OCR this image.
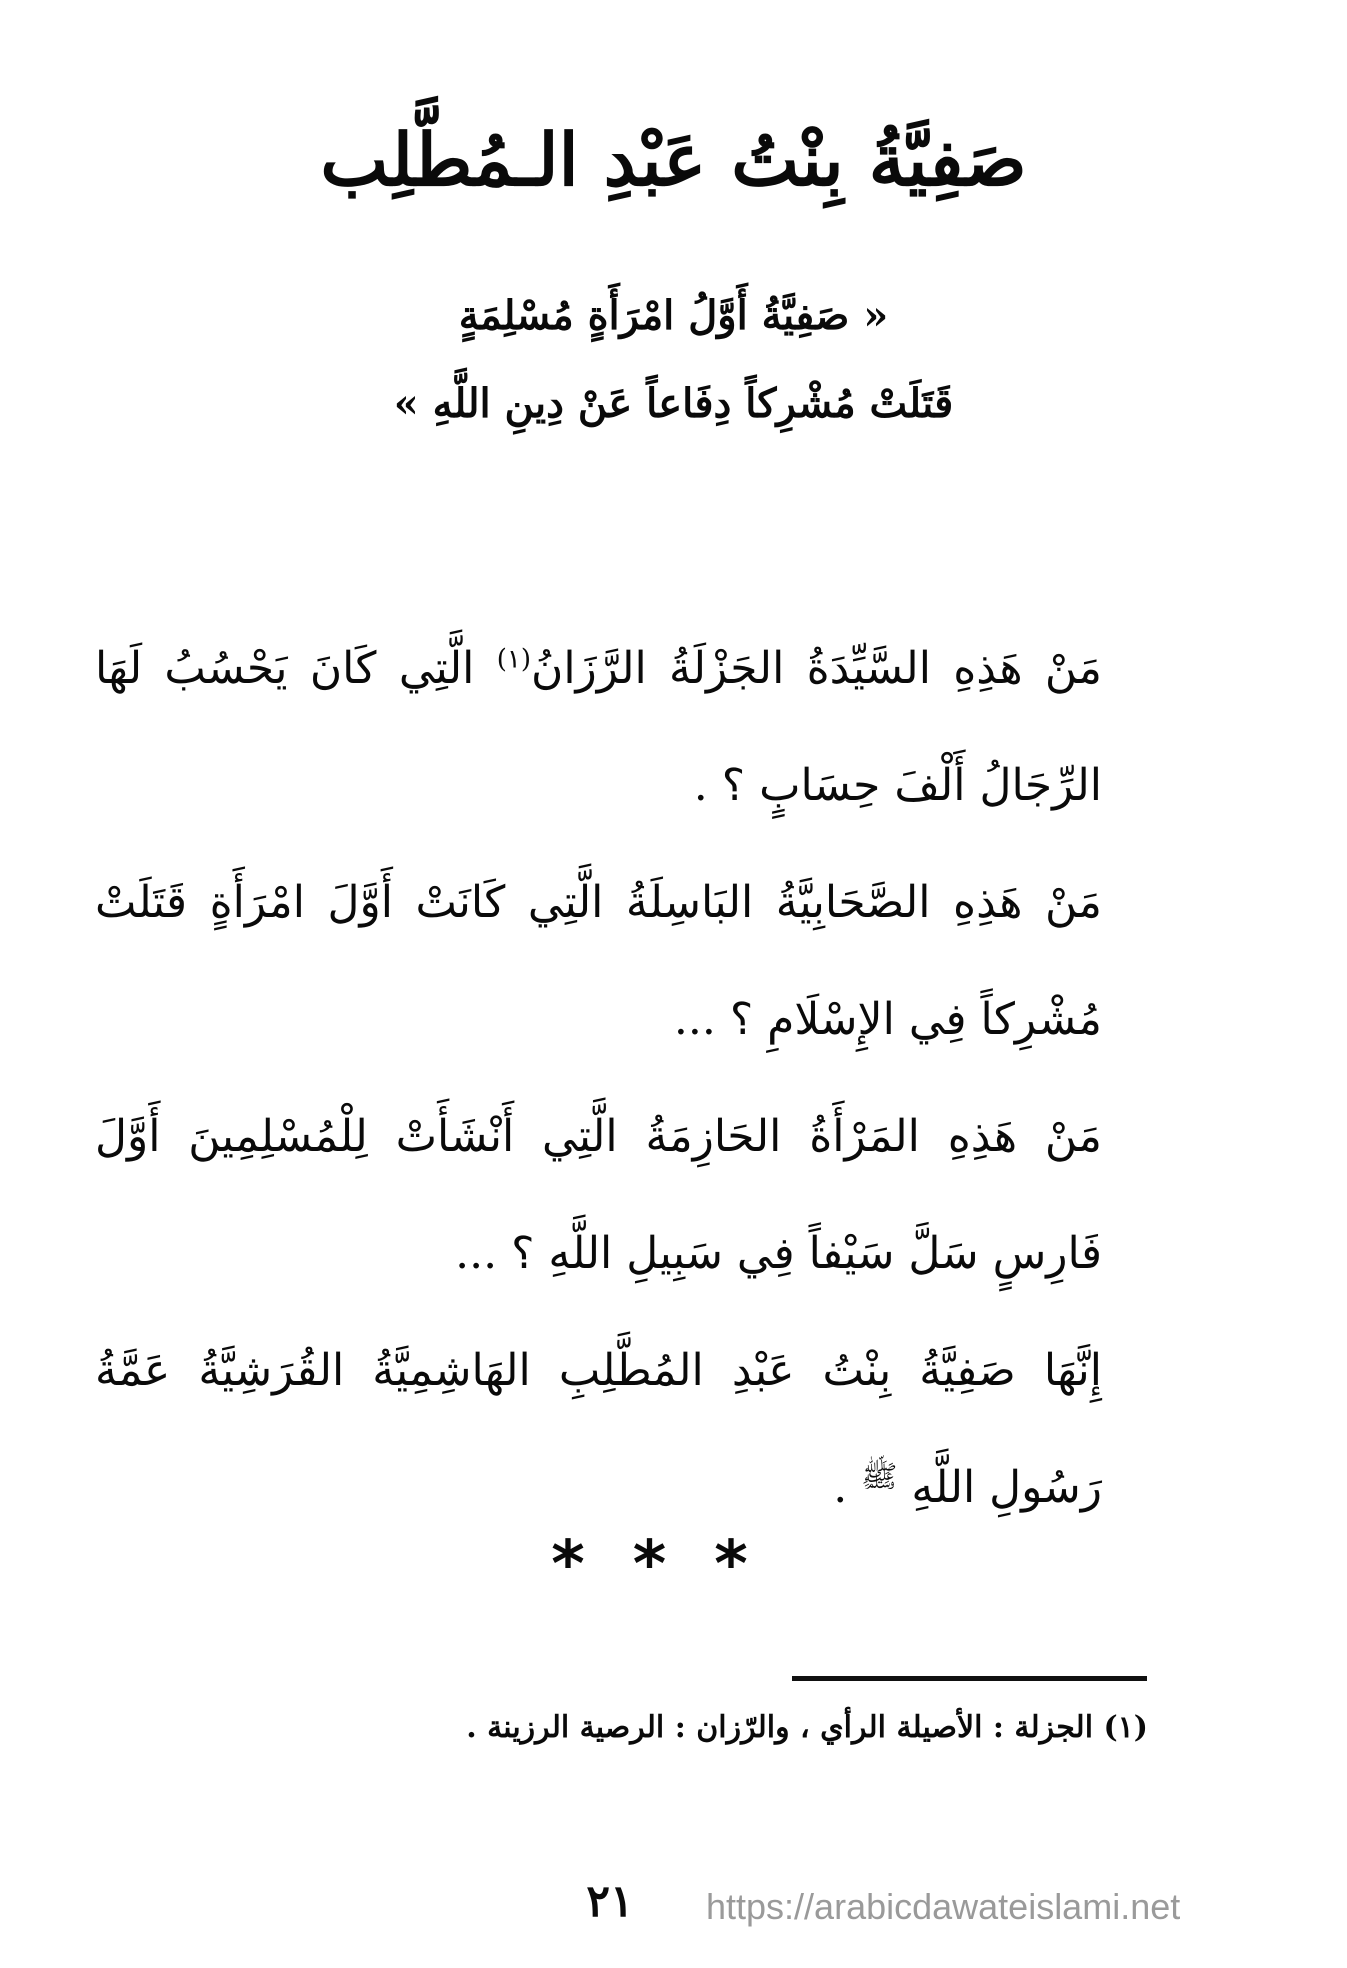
صَفِيَّةُ بِنْتُ عَبْدِ الـمُطَّلِب
« صَفِيَّةُ أَوَّلُ امْرَأَةٍ مُسْلِمَةٍ
قَتَلَتْ مُشْرِكاً دِفَاعاً عَنْ دِينِ اللَّهِ »

مَنْ هَذِهِ السَّيِّدَةُ الجَزْلَةُ الرَّزَانُ$^{(١)}$ الَّتِي كَانَ يَحْسُبُ لَهَا الرِّجَالُ أَلْفَ حِسَابٍ ؟ .

مَنْ هَذِهِ الصَّحَابِيَّةُ البَاسِلَةُ الَّتِي كَانَتْ أَوَّلَ امْرَأَةٍ قَتَلَتْ مُشْرِكاً فِي الإِسْلَامِ ؟ ...

مَنْ هَذِهِ المَرْأَةُ الحَازِمَةُ الَّتِي أَنْشَأَتْ لِلْمُسْلِمِينَ أَوَّلَ فَارِسٍ سَلَّ سَيْفاً فِي سَبِيلِ اللَّهِ ؟ ...

إِنَّهَا صَفِيَّةُ بِنْتُ عَبْدِ المُطَّلِبِ الهَاشِمِيَّةُ القُرَشِيَّةُ عَمَّةُ رَسُولِ اللَّهِ $^ﷺ$ .

***
(١) الجزلة : الأصيلة الرأي ، والرّزان : الرصية الرزينة .
٢١	https://arabicdawateislami.net
